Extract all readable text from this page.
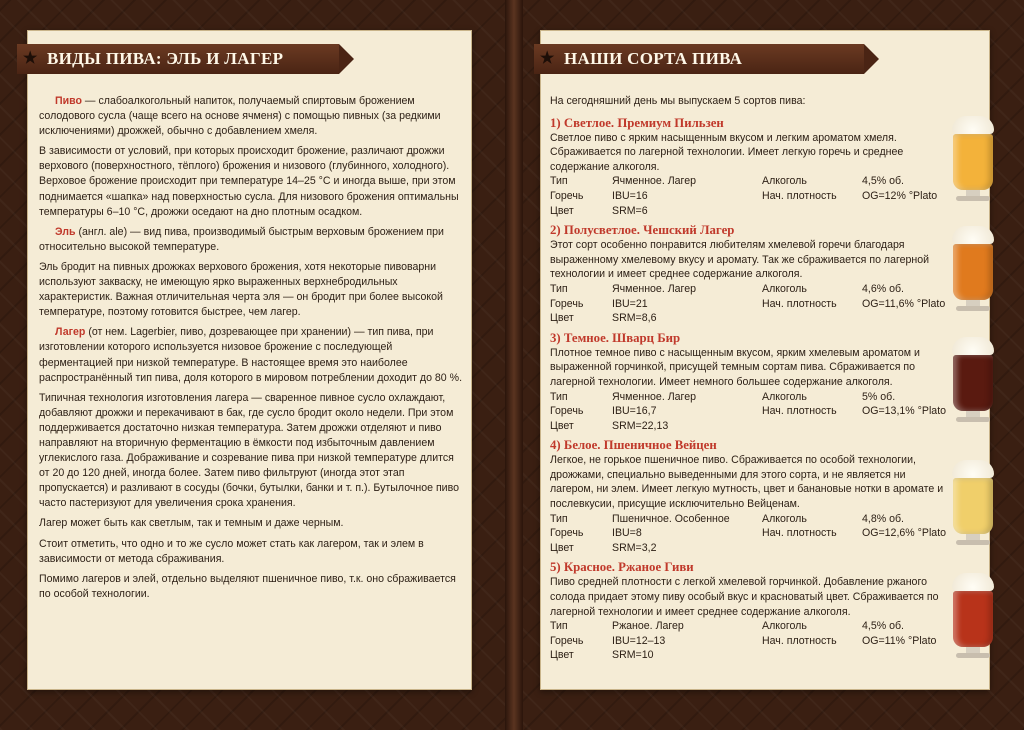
★ ВИДЫ ПИВА: ЭЛЬ И ЛАГЕР

Пиво — слабоалкогольный напиток, получаемый спиртовым брожением солодового сусла (чаще всего на основе ячменя) с помощью пивных (за редкими исключениями) дрожжей, обычно с добавлением хмеля.

В зависимости от условий, при которых происходит брожение, различают дрожжи верхового (поверхностного, тёплого) брожения и низового (глубинного, холодного). Верховое брожение происходит при температуре 14–25 °С и иногда выше, при этом поднимается «шапка» над поверхностью сусла. Для низового брожения оптимальны температуры 6–10 °С, дрожжи оседают на дно плотным осадком.

Эль (англ. ale) — вид пива, производимый быстрым верховым брожением при относительно высокой температуре.

Эль бродит на пивных дрожжах верхового брожения, хотя некоторые пивоварни используют закваску, не имеющую ярко выраженных верхнебродильных характеристик. Важная отличительная черта эля — он бродит при более высокой температуре, поэтому готовится быстрее, чем лагер.

Лагер (от нем. Lagerbier, пиво, дозревающее при хранении) — тип пива, при изготовлении которого используется низовое брожение с последующей ферментацией при низкой температуре. В настоящее время это наиболее распространённый тип пива, доля которого в мировом потреблении доходит до 80 %.

Типичная технология изготовления лагера — сваренное пивное сусло охлаждают, добавляют дрожжи и перекачивают в бак, где сусло бродит около недели. При этом поддерживается достаточно низкая температура. Затем дрожжи отделяют и пиво направляют на вторичную ферментацию в ёмкости под избыточным давлением углекислого газа. Дображивание и созревание пива при низкой температуре длится от 20 до 120 дней, иногда более. Затем пиво фильтруют (иногда этот этап пропускается) и разливают в сосуды (бочки, бутылки, банки и т. п.). Бутылочное пиво часто пастеризуют для увеличения срока хранения.

Лагер может быть как светлым, так и темным и даже черным.

Стоит отметить, что одно и то же сусло может стать как лагером, так и элем в зависимости от метода сбраживания.

Помимо лагеров и элей, отдельно выделяют пшеничное пиво, т.к. оно сбраживается по особой технологии.

★ НАШИ СОРТА ПИВА

На сегодняшний день мы выпускаем 5 сортов пива:

1) Светлое. Премиум Пильзен

Светлое пиво с ярким насыщенным вкусом и легким ароматом хмеля. Сбраживается по лагерной технологии. Имеет легкую горечь и среднее содержание алкоголя.

Тип	Ячменное. Лагер	Алкоголь	4,5% об.
Горечь	IBU=16	Нач. плотность	OG=12% °Plato
Цвет	SRM=6
2) Полусветлое. Чешский Лагер

Этот сорт особенно понравится любителям хмелевой горечи благодаря выраженному хмелевому вкусу и аромату. Так же сбраживается по лагерной технологии и имеет среднее содержание алкоголя.

Тип	Ячменное. Лагер	Алкоголь	4,6% об.
Горечь	IBU=21	Нач. плотность	OG=11,6% °Plato
Цвет	SRM=8,6
3) Темное. Шварц Бир

Плотное темное пиво с насыщенным вкусом, ярким хмелевым ароматом и выраженной горчинкой, присущей темным сортам пива. Сбраживается по лагерной технологии. Имеет немного большее содержание алкоголя.

Тип	Ячменное. Лагер	Алкоголь	5% об.
Горечь	IBU=16,7	Нач. плотность	OG=13,1% °Plato
Цвет	SRM=22,13
4) Белое. Пшеничное Вейцен

Легкое, не горькое пшеничное пиво. Сбраживается по особой технологии, дрожжами, специально выведенными для этого сорта, и не является ни лагером, ни элем. Имеет легкую мутность, цвет и банановые нотки в аромате и послевкусии, присущие исключительно Вейценам.

Тип	Пшеничное. Особенное	Алкоголь	4,8% об.
Горечь	IBU=8	Нач. плотность	OG=12,6% °Plato
Цвет	SRM=3,2
5) Красное. Ржаное Гиви

Пиво средней плотности с легкой хмелевой горчинкой. Добавление ржаного солода придает этому пиву особый вкус и красноватый цвет. Сбраживается по лагерной технологии и имеет среднее содержание алкоголя.

Тип	Ржаное. Лагер	Алкоголь	4,5% об.
Горечь	IBU=12–13	Нач. плотность	OG=11% °Plato
Цвет	SRM=10
